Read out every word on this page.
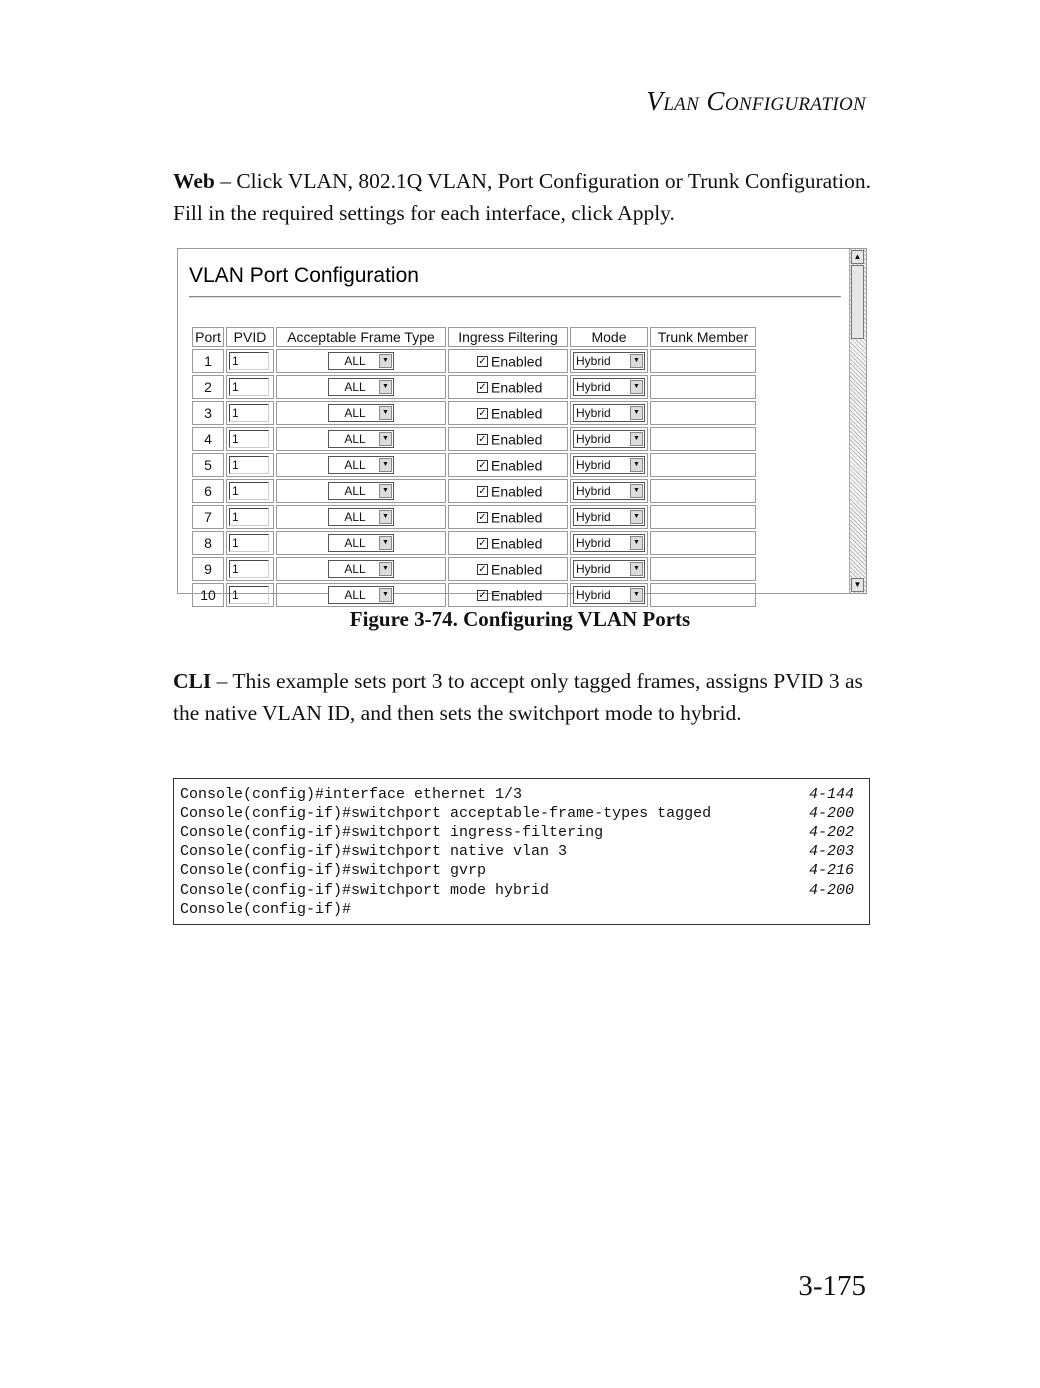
VLAN CONFIGURATION
Web – Click VLAN, 802.1Q VLAN, Port Configuration or Trunk Configuration. Fill in the required settings for each interface, click Apply.
VLAN Port Configuration
Port	PVID	Acceptable Frame Type	Ingress Filtering	Mode	Trunk Member
1	1	ALL ▼	✓ Enabled	Hybrid ▼	

2	1	ALL ▼	✓ Enabled	Hybrid ▼	

3	1	ALL ▼	✓ Enabled	Hybrid ▼	

4	1	ALL ▼	✓ Enabled	Hybrid ▼	

5	1	ALL ▼	✓ Enabled	Hybrid ▼	

6	1	ALL ▼	✓ Enabled	Hybrid ▼	

7	1	ALL ▼	✓ Enabled	Hybrid ▼	

8	1	ALL ▼	✓ Enabled	Hybrid ▼	

9	1	ALL ▼	✓ Enabled	Hybrid ▼	

10	1	ALL ▼	✓ Enabled	Hybrid ▼	

▲
▼
Figure 3-74. Configuring VLAN Ports
CLI – This example sets port 3 to accept only tagged frames, assigns PVID 3 as the native VLAN ID, and then sets the switchport mode to hybrid.
Console(config)#interface ethernet 1/3	4-144
Console(config-if)#switchport acceptable-frame-types tagged	4-200
Console(config-if)#switchport ingress-filtering	4-202
Console(config-if)#switchport native vlan 3	4-203
Console(config-if)#switchport gvrp	4-216
Console(config-if)#switchport mode hybrid	4-200
Console(config-if)#
3-175
